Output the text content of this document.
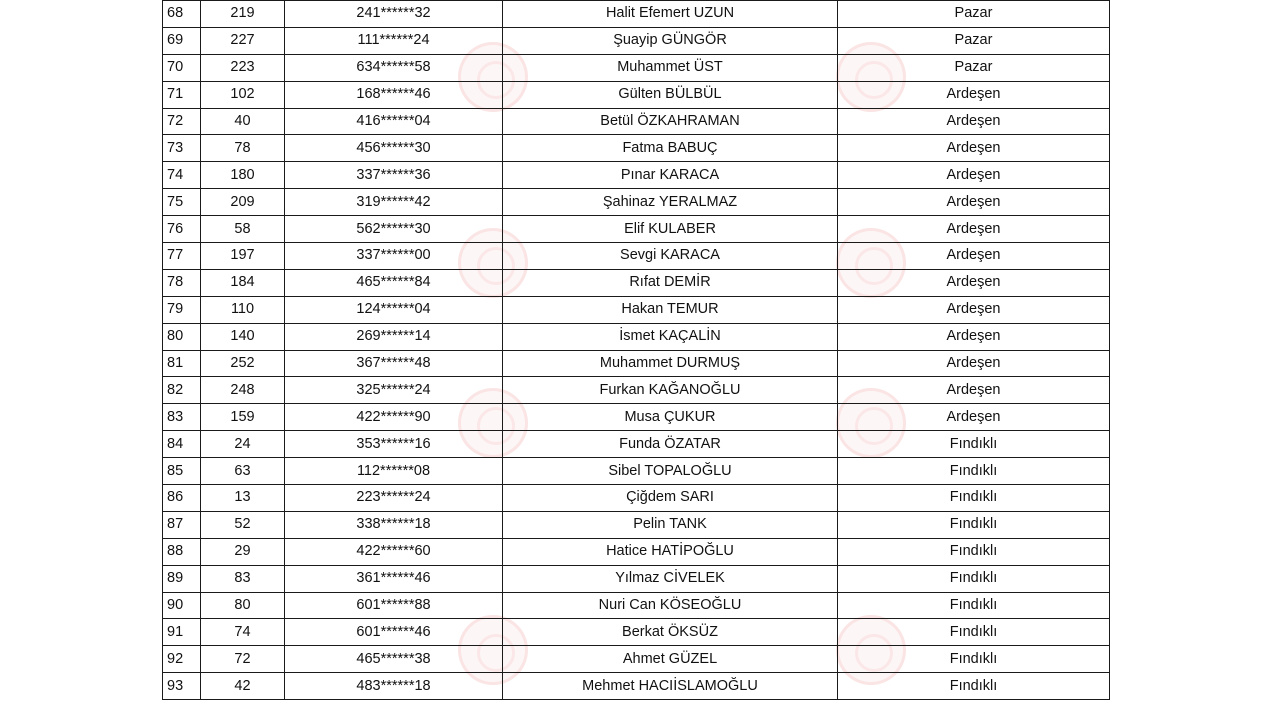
68	219	241******32	Halit Efemert UZUN	Pazar
69	227	111******24	Şuayip GÜNGÖR	Pazar
70	223	634******58	Muhammet ÜST	Pazar
71	102	168******46	Gülten BÜLBÜL	Ardeşen
72	40	416******04	Betül ÖZKAHRAMAN	Ardeşen
73	78	456******30	Fatma BABUÇ	Ardeşen
74	180	337******36	Pınar KARACA	Ardeşen
75	209	319******42	Şahinaz YERALMAZ	Ardeşen
76	58	562******30	Elif KULABER	Ardeşen
77	197	337******00	Sevgi KARACA	Ardeşen
78	184	465******84	Rıfat DEMİR	Ardeşen
79	110	124******04	Hakan TEMUR	Ardeşen
80	140	269******14	İsmet KAÇALİN	Ardeşen
81	252	367******48	Muhammet DURMUŞ	Ardeşen
82	248	325******24	Furkan KAĞANOĞLU	Ardeşen
83	159	422******90	Musa ÇUKUR	Ardeşen
84	24	353******16	Funda ÖZATAR	Fındıklı
85	63	112******08	Sibel TOPALOĞLU	Fındıklı
86	13	223******24	Çiğdem SARI	Fındıklı
87	52	338******18	Pelin TANK	Fındıklı
88	29	422******60	Hatice HATİPOĞLU	Fındıklı
89	83	361******46	Yılmaz CİVELEK	Fındıklı
90	80	601******88	Nuri Can KÖSEOĞLU	Fındıklı
91	74	601******46	Berkat ÖKSÜZ	Fındıklı
92	72	465******38	Ahmet GÜZEL	Fındıklı
93	42	483******18	Mehmet HACIİSLAMOĞLU	Fındıklı
